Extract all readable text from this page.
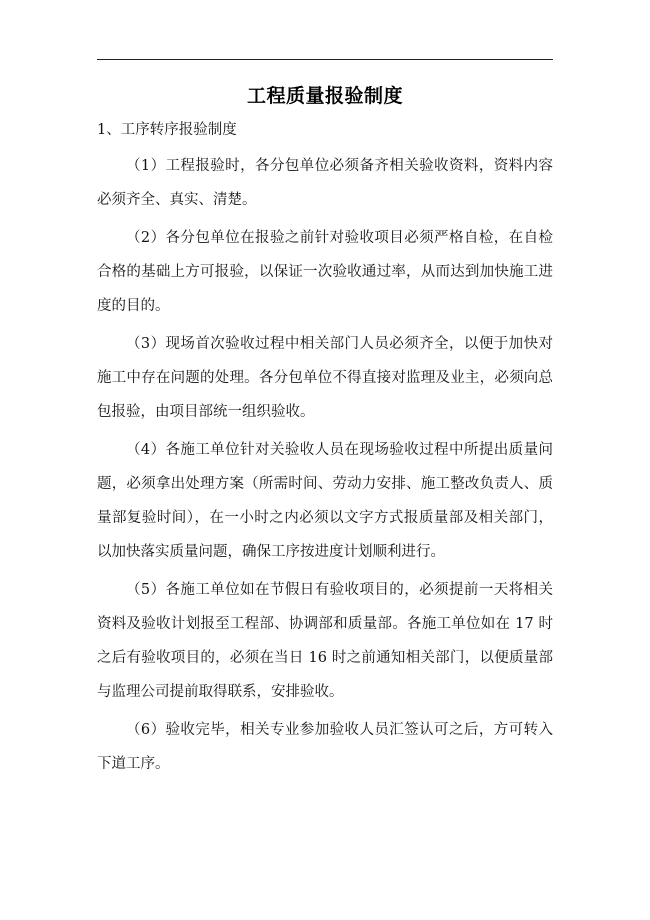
工程质量报验制度
1、工序转序报验制度

（1）工程报验时，各分包单位必须备齐相关验收资料，资料内容必须齐全、真实、清楚。

（2）各分包单位在报验之前针对验收项目必须严格自检，在自检合格的基础上方可报验，以保证一次验收通过率，从而达到加快施工进度的目的。

（3）现场首次验收过程中相关部门人员必须齐全，以便于加快对施工中存在问题的处理。各分包单位不得直接对监理及业主，必须向总包报验，由项目部统一组织验收。

（4）各施工单位针对关验收人员在现场验收过程中所提出质量问题，必须拿出处理方案（所需时间、劳动力安排、施工整改负责人、质量部复验时间），在一小时之内必须以文字方式报质量部及相关部门，以加快落实质量问题，确保工序按进度计划顺利进行。

（5）各施工单位如在节假日有验收项目的，必须提前一天将相关资料及验收计划报至工程部、协调部和质量部。各施工单位如在 17 时之后有验收项目的，必须在当日 16 时之前通知相关部门，以便质量部与监理公司提前取得联系，安排验收。

（6）验收完毕，相关专业参加验收人员汇签认可之后，方可转入下道工序。
